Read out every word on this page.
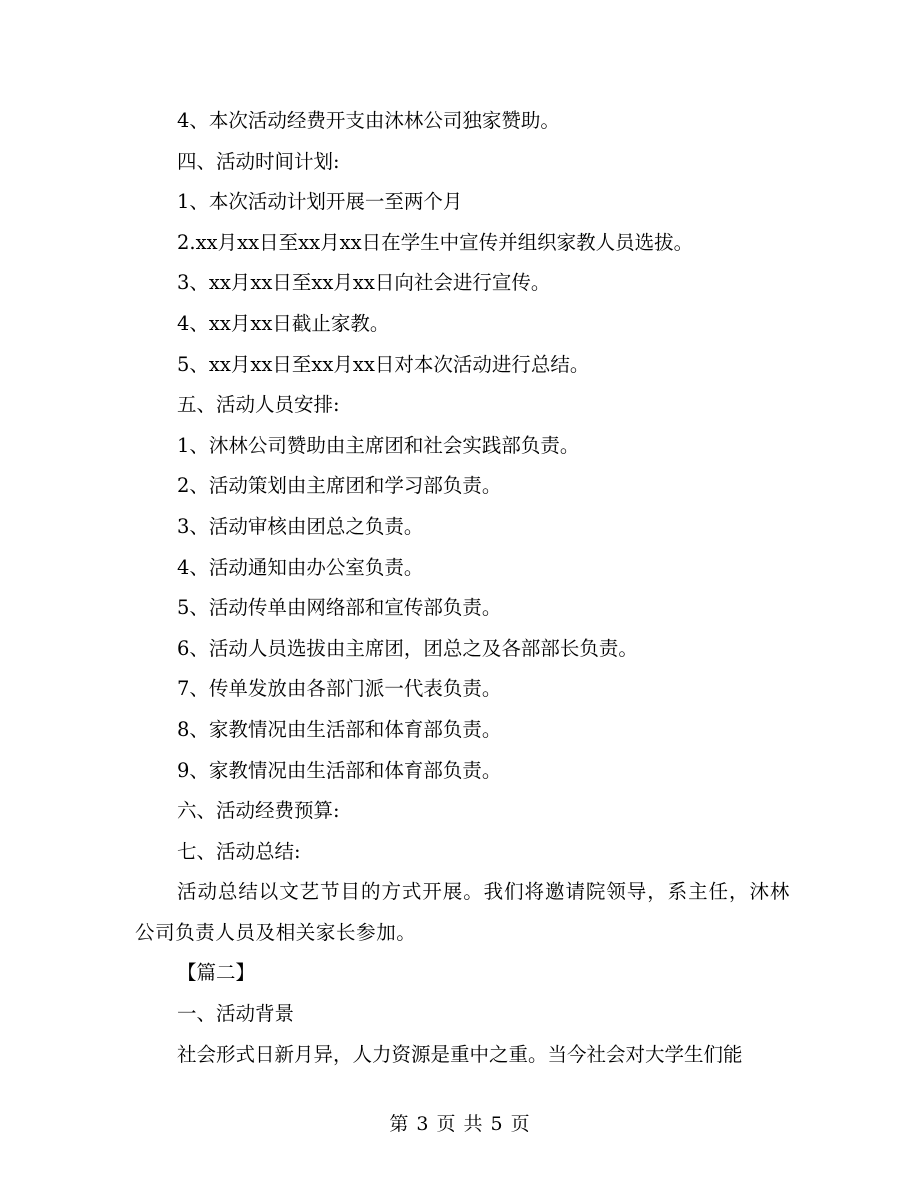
4、本次活动经费开支由沐林公司独家赞助。
四、活动时间计划:
1、本次活动计划开展一至两个月
2.xx月xx日至xx月xx日在学生中宣传并组织家教人员选拔。
3、xx月xx日至xx月xx日向社会进行宣传。
4、xx月xx日截止家教。
5、xx月xx日至xx月xx日对本次活动进行总结。
五、活动人员安排:
1、沐林公司赞助由主席团和社会实践部负责。
2、活动策划由主席团和学习部负责。
3、活动审核由团总之负责。
4、活动通知由办公室负责。
5、活动传单由网络部和宣传部负责。
6、活动人员选拔由主席团，团总之及各部部长负责。
7、传单发放由各部门派一代表负责。
8、家教情况由生活部和体育部负责。
9、家教情况由生活部和体育部负责。
六、活动经费预算:
七、活动总结:

活动总结以文艺节目的方式开展。我们将邀请院领导，系主任，沐林公司负责人员及相关家长参加。

【篇二】
一、活动背景
社会形式日新月异，人力资源是重中之重。当今社会对大学生们能
第 3 页 共 5 页
